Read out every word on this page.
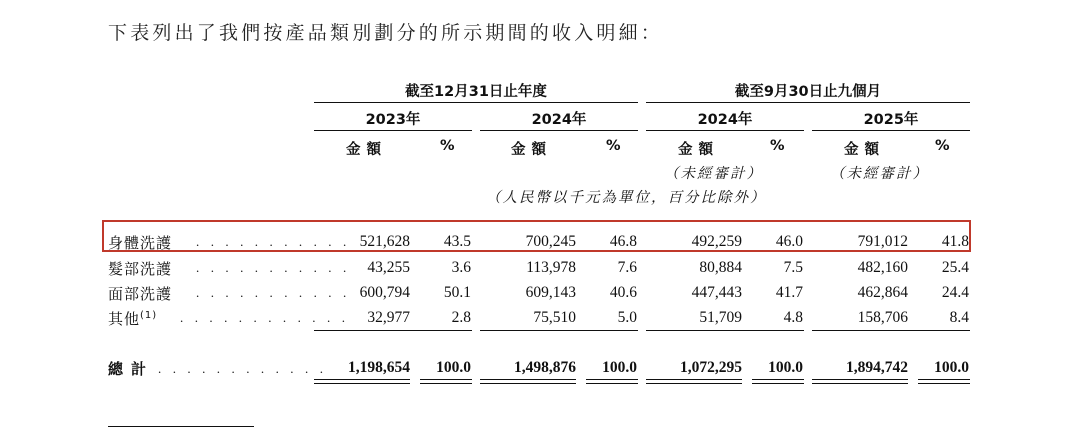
下表列出了我們按產品類別劃分的所示期間的收入明細：
截至12月31日止年度	截至9月30日止九個月
2023年	2024年	2024年	2025年
金額	%	金額	%	金額	%	金額	%
（未經審計）	（未經審計）
（人民幣以千元為單位，百分比除外）
身體洗護 . . . . . . . . . . . 521,628	43.5	700,245	46.8	492,259	46.0	791,012	41.8
髮部洗護 . . . . . . . . . . .	43,255	3.6	113,978	7.6	80,884	7.5	482,160	25.4
面部洗護 . . . . . . . . . . . 600,794	50.1	609,143	40.6	447,443	41.7	462,864	24.4
其他$^{(1)}$ . . . . . . . . . . . .	32,977	2.8	75,510	5.0	51,709	4.8	158,706	8.4
總計 . . . . . . . . . . . .	1,198,654	100.0	1,498,876	100.0	1,072,295	100.0	1,894,742	100.0
